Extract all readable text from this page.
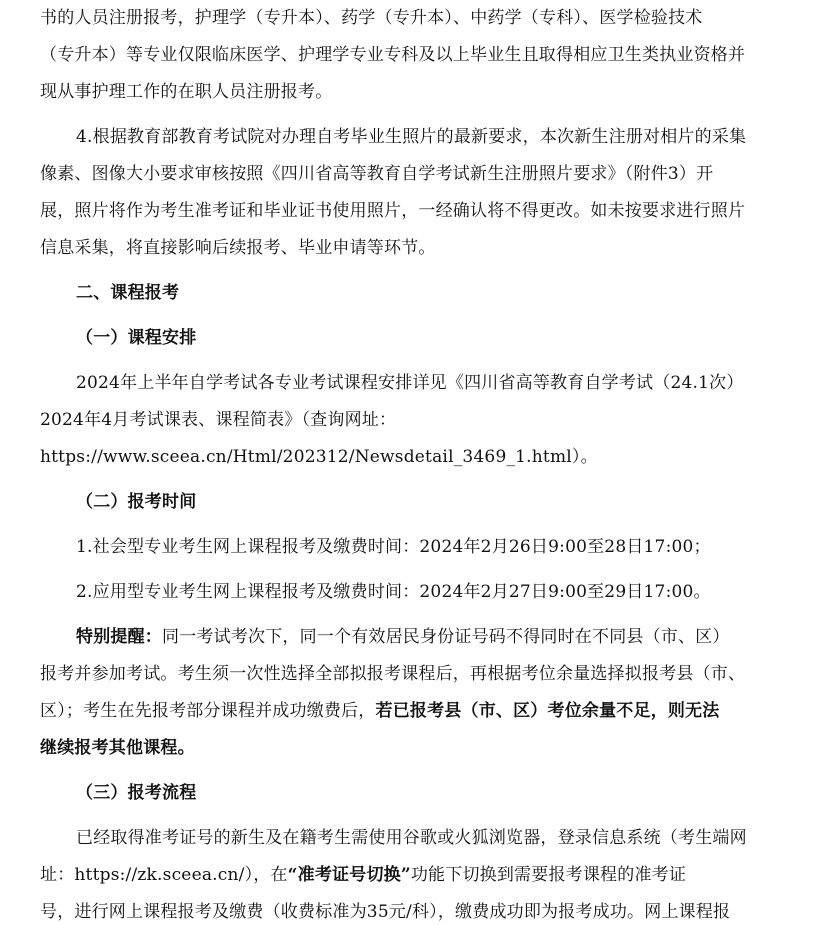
书的人员注册报考，护理学（专升本）、药学（专升本）、中药学（专科）、医学检验技术
（专升本）等专业仅限临床医学、护理学专业专科及以上毕业生且取得相应卫生类执业资格并
现从事护理工作的在职人员注册报考。
4.根据教育部教育考试院对办理自考毕业生照片的最新要求，本次新生注册对相片的采集
像素、图像大小要求审核按照《四川省高等教育自学考试新生注册照片要求》（附件3）开
展，照片将作为考生准考证和毕业证书使用照片，一经确认将不得更改。如未按要求进行照片
信息采集，将直接影响后续报考、毕业申请等环节。
二、课程报考
（一）课程安排
2024年上半年自学考试各专业考试课程安排详见《四川省高等教育自学考试（24.1次）
2024年4月考试课表、课程简表》（查询网址：
https://www.sceea.cn/Html/202312/Newsdetail_3469_1.html）。
（二）报考时间
1.社会型专业考生网上课程报考及缴费时间：2024年2月26日9:00至28日17:00；
2.应用型专业考生网上课程报考及缴费时间：2024年2月27日9:00至29日17:00。
特别提醒：同一考试考次下，同一个有效居民身份证号码不得同时在不同县（市、区）
报考并参加考试。考生须一次性选择全部拟报考课程后，再根据考位余量选择拟报考县（市、
区）；考生在先报考部分课程并成功缴费后，若已报考县（市、区）考位余量不足，则无法
继续报考其他课程。
（三）报考流程
已经取得准考证号的新生及在籍考生需使用谷歌或火狐浏览器，登录信息系统（考生端网
址：https://zk.sceea.cn/），在“准考证号切换”功能下切换到需要报考课程的准考证
号，进行网上课程报考及缴费（收费标准为35元/科），缴费成功即为报考成功。网上课程报
